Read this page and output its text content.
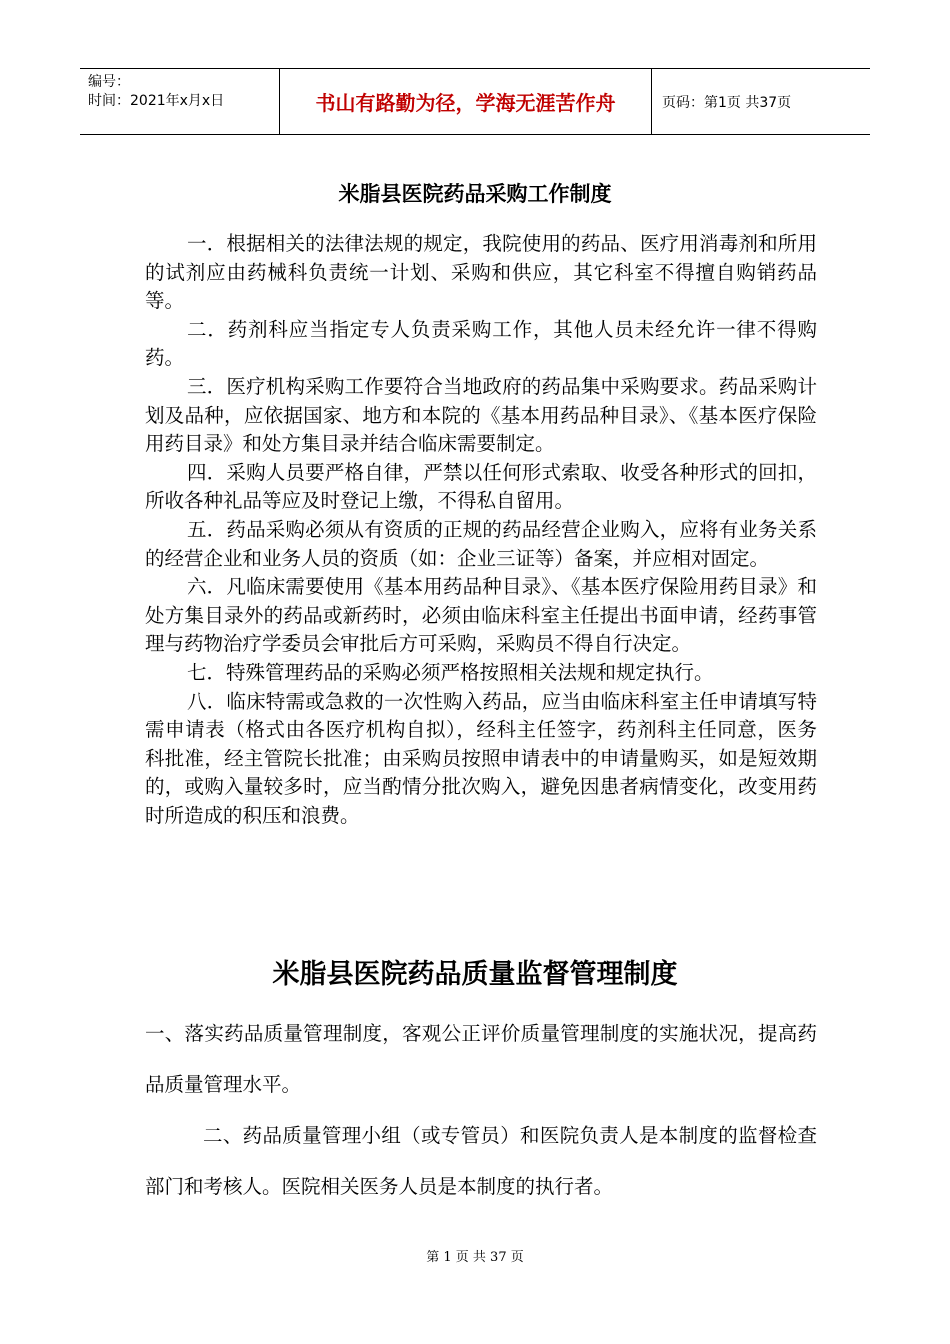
编号：
时间：2021年x月x日	书山有路勤为径，学海无涯苦作舟	页码：第1页 共37页
米脂县医院药品采购工作制度

一．根据相关的法律法规的规定，我院使用的药品、医疗用消毒剂和所用的试剂应由药械科负责统一计划、采购和供应，其它科室不得擅自购销药品等。

二．药剂科应当指定专人负责采购工作，其他人员未经允许一律不得购药。

三．医疗机构采购工作要符合当地政府的药品集中采购要求。药品采购计划及品种，应依据国家、地方和本院的《基本用药品种目录》、《基本医疗保险用药目录》和处方集目录并结合临床需要制定。

四．采购人员要严格自律，严禁以任何形式索取、收受各种形式的回扣，所收各种礼品等应及时登记上缴，不得私自留用。

五．药品采购必须从有资质的正规的药品经营企业购入，应将有业务关系的经营企业和业务人员的资质（如：企业三证等）备案，并应相对固定。

六．凡临床需要使用《基本用药品种目录》、《基本医疗保险用药目录》和处方集目录外的药品或新药时，必须由临床科室主任提出书面申请，经药事管理与药物治疗学委员会审批后方可采购，采购员不得自行决定。

七．特殊管理药品的采购必须严格按照相关法规和规定执行。

八．临床特需或急救的一次性购入药品，应当由临床科室主任申请填写特需申请表（格式由各医疗机构自拟），经科主任签字，药剂科主任同意，医务科批准，经主管院长批准；由采购员按照申请表中的申请量购买，如是短效期的，或购入量较多时，应当酌情分批次购入，避免因患者病情变化，改变用药时所造成的积压和浪费。

米脂县医院药品质量监督管理制度

一、落实药品质量管理制度，客观公正评价质量管理制度的实施状况，提高药品质量管理水平。

二、药品质量管理小组（或专管员）和医院负责人是本制度的监督检查部门和考核人。医院相关医务人员是本制度的执行者。

第 1 页 共 37 页
